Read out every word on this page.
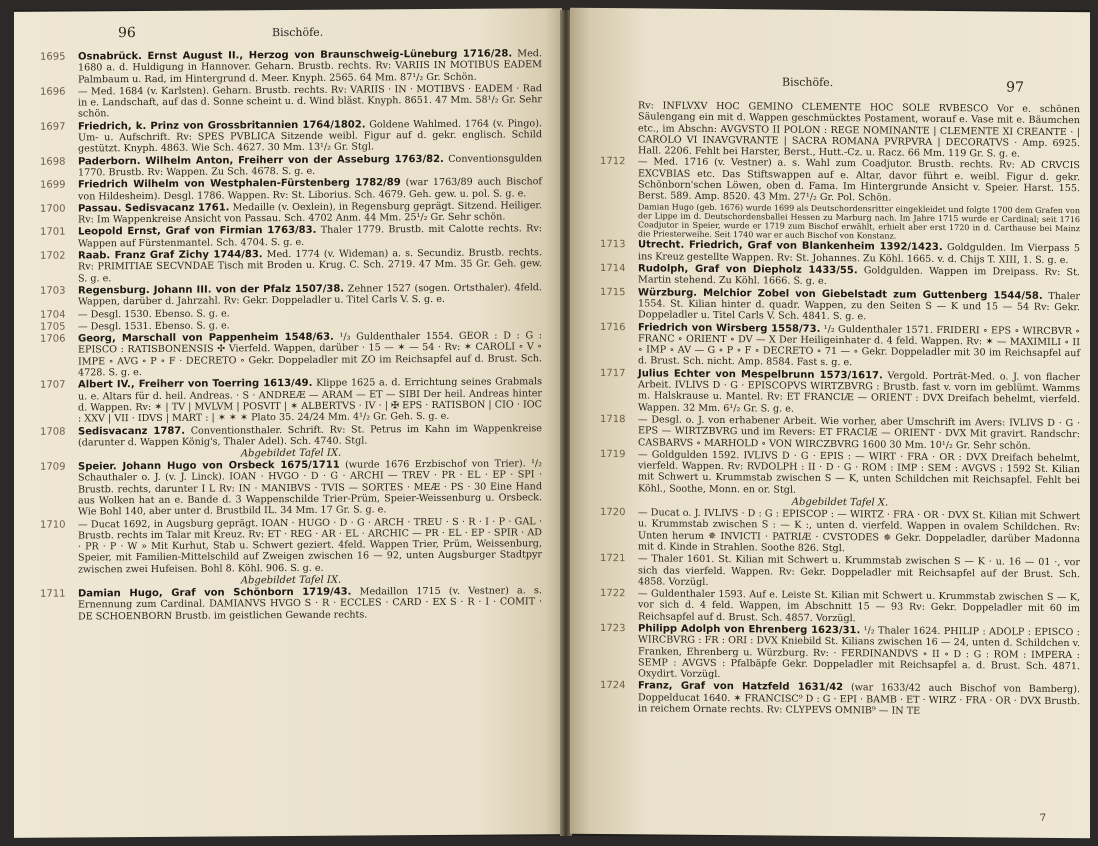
96	Bischöfe.
1695 Osnabrück. Ernst August II., Herzog von Braunschweig-Lüneburg 1716/28. Med. 1680 a. d. Huldigung in Hannover. Geharn. Brustb. rechts. Rv: VARIIS IN MOTIBUS EADEM Palmbaum u. Rad, im Hintergrund d. Meer. Knyph. 2565. 64 Mm. 87¹/₂ Gr. Schön.
1696 — Med. 1684 (v. Karlsten). Geharn. Brustb. rechts. Rv: VARIIS · IN · MOTIBVS · EADEM · Rad in e. Landschaft, auf das d. Sonne scheint u. d. Wind bläst. Knyph. 8651. 47 Mm. 58¹/₂ Gr. Sehr schön.
1697 Friedrich, k. Prinz von Grossbritannien 1764/1802. Goldene Wahlmed. 1764 (v. Pingo). Um- u. Aufschrift. Rv: SPES PVBLICA Sitzende weibl. Figur auf d. gekr. englisch. Schild gestützt. Knyph. 4863. Wie Sch. 4627. 30 Mm. 13¹/₂ Gr. Stgl.
1698 Paderborn. Wilhelm Anton, Freiherr von der Asseburg 1763/82. Conventionsgulden 1770. Brustb. Rv: Wappen. Zu Sch. 4678. S. g. e.
1699 Friedrich Wilhelm von Westphalen-Fürstenberg 1782/89 (war 1763/89 auch Bischof von Hildesheim). Desgl. 1786. Wappen. Rv: St. Liborius. Sch. 4679. Geh. gew. u. pol. S. g. e.
1700 Passau. Sedisvacanz 1761. Medaille (v. Oexlein), in Regensburg geprägt. Sitzend. Heiliger. Rv: Im Wappenkreise Ansicht von Passau. Sch. 4702 Anm. 44 Mm. 25¹/₂ Gr. Sehr schön.
1701 Leopold Ernst, Graf von Firmian 1763/83. Thaler 1779. Brustb. mit Calotte rechts. Rv: Wappen auf Fürstenmantel. Sch. 4704. S. g. e.
1702 Raab. Franz Graf Zichy 1744/83. Med. 1774 (v. Wideman) a. s. Secundiz. Brustb. rechts. Rv: PRIMITIAE SECVNDAE Tisch mit Broden u. Krug. C. Sch. 2719. 47 Mm. 35 Gr. Geh. gew. S. g. e.
1703 Regensburg. Johann III. von der Pfalz 1507/38. Zehner 1527 (sogen. Ortsthaler). 4feld. Wappen, darüber d. Jahrzahl. Rv: Gekr. Doppeladler u. Titel Carls V. S. g. e.
1704 — Desgl. 1530. Ebenso. S. g. e.
1705 — Desgl. 1531. Ebenso. S. g. e.
1706 Georg, Marschall von Pappenheim 1548/63. ¹/₃ Guldenthaler 1554. GEOR : D : G : EPISCO : RATISBONENSIS ✣ Vierfeld. Wappen, darüber · 15 — ✶ — 54 · Rv: ✶ CAROLI ∘ V ∘ IMPE ∘ AVG ∘ P ∘ F · DECRETO ∘ Gekr. Doppeladler mit ZO im Reichsapfel auf d. Brust. Sch. 4728. S. g. e.
1707 Albert IV., Freiherr von Toerring 1613/49. Klippe 1625 a. d. Errichtung seines Grabmals u. e. Altars für d. heil. Andreas. · S · ANDREÆ — ARAM — ET — SIBI Der heil. Andreas hinter d. Wappen. Rv: ✶ | TV | MVLVM | POSVIT | ✶ ALBERTVS · IV · | ✠ EPS · RATISBON | CIO · IOC : XXV | VII · IDVS | MART : | ✶ ✶ ✶ Plato 35. 24/24 Mm. 4¹/₂ Gr. Geh. S. g. e.
1708 Sedisvacanz 1787. Conventionsthaler. Schrift. Rv: St. Petrus im Kahn im Wappenkreise (darunter d. Wappen König's, Thaler Adel). Sch. 4740. Stgl.
Abgebildet Tafel IX.
1709 Speier. Johann Hugo von Orsbeck 1675/1711 (wurde 1676 Erzbischof von Trier). ¹/₂ Schauthaler o. J. (v. J. Linck). IOAN · HVGO · D · G · ARCHI — TREV · PR · EL · EP · SPI · Brustb. rechts, darunter I L Rv: IN · MANIBVS · TVIS — SORTES · MEÆ · PS · 30 Eine Hand aus Wolken hat an e. Bande d. 3 Wappenschilde Trier-Prüm, Speier-Weissenburg u. Orsbeck. Wie Bohl 140, aber unter d. Brustbild IL. 34 Mm. 17 Gr. S. g. e.
1710 — Ducat 1692, in Augsburg geprägt. IOAN · HUGO · D · G · ARCH · TREU · S · R · I · P · GAL · Brustb. rechts im Talar mit Kreuz. Rv: ET · REG · AR · EL · ARCHIC — PR · EL · EP · SPIR · AD · PR · P · W » Mit Kurhut, Stab u. Schwert geziert. 4feld. Wappen Trier, Prüm, Weissenburg, Speier, mit Familien-Mittelschild auf Zweigen zwischen 16 — 92, unten Augsburger Stadtpyr zwischen zwei Hufeisen. Bohl 8. Köhl. 906. S. g. e.
Abgebildet Tafel IX.
1711 Damian Hugo, Graf von Schönborn 1719/43. Medaillon 1715 (v. Vestner) a. s. Ernennung zum Cardinal. DAMIANVS HVGO S · R · ECCLES · CARD · EX S · R · I · COMIT · DE SCHOENBORN Brustb. im geistlichen Gewande rechts.
Bischöfe.	97
Rv: INFLVXV HOC GEMINO CLEMENTE HOC SOLE RVBESCO Vor e. schönen Säulengang ein mit d. Wappen geschmücktes Postament, worauf e. Vase mit e. Bäumchen etc., im Abschn: AVGVSTO II POLON : REGE NOMINANTE | CLEMENTE XI CREANTE · | CAROLO VI INAVGVRANTE | SACRA ROMANA PVRPVRA | DECORATVS · Amp. 6925. Hall. 2206. Fehlt bei Harster, Berst., Hutt.-Cz. u. Racz. 66 Mm. 119 Gr. S. g. e.
1712 — Med. 1716 (v. Vestner) a. s. Wahl zum Coadjutor. Brustb. rechts. Rv: AD CRVCIS EXCVBIAS etc. Das Stiftswappen auf e. Altar, davor führt e. weibl. Figur d. gekr. Schönborn'schen Löwen, oben d. Fama. Im Hintergrunde Ansicht v. Speier. Harst. 155. Berst. 589. Amp. 8520. 43 Mm. 27¹/₂ Gr. Pol. Schön.
Damian Hugo (geb. 1676) wurde 1699 als Deutschordensritter eingekleidet und folgte 1700 dem Grafen von der Lippe im d. Deutschordensballei Hessen zu Marburg nach. Im Jahre 1715 wurde er Cardinal; seit 1716 Coadjutor in Speier, wurde er 1719 zum Bischof erwählt, erhielt aber erst 1720 in d. Carthause bei Mainz die Priesterweihe. Seit 1740 war er auch Bischof von Konstanz.
1713 Utrecht. Friedrich, Graf von Blankenheim 1392/1423. Goldgulden. Im Vierpass 5 ins Kreuz gestellte Wappen. Rv: St. Johannes. Zu Köhl. 1665. v. d. Chijs T. XIII, 1. S. g. e.
1714 Rudolph, Graf von Diepholz 1433/55. Goldgulden. Wappen im Dreipass. Rv: St. Martin stehend. Zu Köhl. 1666. S. g. e.
1715 Würzburg. Melchior Zobel von Giebelstadt zum Guttenberg 1544/58. Thaler 1554. St. Kilian hinter d. quadr. Wappen, zu den Seiten S — K und 15 — 54 Rv: Gekr. Doppeladler u. Titel Carls V. Sch. 4841. S. g. e.
1716 Friedrich von Wirsberg 1558/73. ¹/₂ Guldenthaler 1571. FRIDERI ∘ EPS ∘ WIRCBVR ∘ FRANC ∘ ORIENT ∘ DV — X Der Heiligeinhater d. 4 feld. Wappen. Rv: ✶ — MAXIMILI ∘ II ∘ IMP ∘ AV — G ∘ P ∘ F ∘ DECRETO ∘ 71 — ∘ Gekr. Doppeladler mit 30 im Reichsapfel auf d. Brust. Sch. nicht. Amp. 8584. Fast s. g. e.
1717 Julius Echter von Mespelbrunn 1573/1617. Vergold. Porträt-Med. o. J. von flacher Arbeit. IVLIVS D · G · EPISCOPVS WIRTZBVRG : Brustb. fast v. vorn im geblümt. Wamms m. Halskrause u. Mantel. Rv: ET FRANCIÆ — ORIENT : DVX Dreifach behelmt, vierfeld. Wappen. 32 Mm. 6¹/₂ Gr. S. g. e.
1718 — Desgl. o. J. von erhabener Arbeit. Wie vorher, aber Umschrift im Avers: IVLIVS D · G · EPS — WIRTZBVRG und im Revers: ET FRACIÆ — ORIENT · DVX Mit gravirt. Randschr: CASBARVS ∘ MARHOLD ∘ VON WIRCZBVRG 1600 30 Mm. 10¹/₂ Gr. Sehr schön.
1719 — Goldgulden 1592. IVLIVS D · G · EPIS : — WIRT · FRA · OR : DVX Dreifach behelmt, vierfeld. Wappen. Rv: RVDOLPH : II · D · G · ROM : IMP : SEM : AVGVS : 1592 St. Kilian mit Schwert u. Krummstab zwischen S — K, unten Schildchen mit Reichsapfel. Fehlt bei Köhl., Soothe, Monn. en or. Stgl.
Abgebildet Tafel X.
1720 — Ducat o. J. IVLIVS · D : G : EPISCOP : — WIRTZ · FRA · OR · DVX St. Kilian mit Schwert u. Krummstab zwischen S : — K :, unten d. vierfeld. Wappen in ovalem Schildchen. Rv: Unten herum ✵ INVICTI · PATRIÆ · CVSTODES ✵ Gekr. Doppeladler, darüber Madonna mit d. Kinde in Strahlen. Soothe 826. Stgl.
1721 — Thaler 1601. St. Kilian mit Schwert u. Krummstab zwischen S — K · u. 16 — 01 ·, vor sich das vierfeld. Wappen. Rv: Gekr. Doppeladler mit Reichsapfel auf der Brust. Sch. 4858. Vorzügl.
1722 — Guldenthaler 1593. Auf e. Leiste St. Kilian mit Schwert u. Krummstab zwischen S — K, vor sich d. 4 feld. Wappen, im Abschnitt 15 — 93 Rv: Gekr. Doppeladler mit 60 im Reichsapfel auf d. Brust. Sch. 4857. Vorzügl.
1723 Philipp Adolph von Ehrenberg 1623/31. ¹/₂ Thaler 1624. PHILIP : ADOLP : EPISCO : WIRCBVRG : FR : ORI : DVX Kniebild St. Kilians zwischen 16 — 24, unten d. Schildchen v. Franken, Ehrenberg u. Würzburg. Rv: · FERDINANDVS ∘ II ∘ D : G : ROM : IMPERA : SEMP : AVGVS : Pfalbäpfe Gekr. Doppeladler mit Reichsapfel a. d. Brust. Sch. 4871. Oxydirt. Vorzügl.
1724 Franz, Graf von Hatzfeld 1631/42 (war 1633/42 auch Bischof von Bamberg). Doppelducat 1640. ✶ FRANCISC⁹ D : G · EPI · BAMB · ET · WIRZ · FRA · OR · DVX Brustb. in reichem Ornate rechts. Rv: CLYPEVS OMNIB⁹ — IN TE
7
